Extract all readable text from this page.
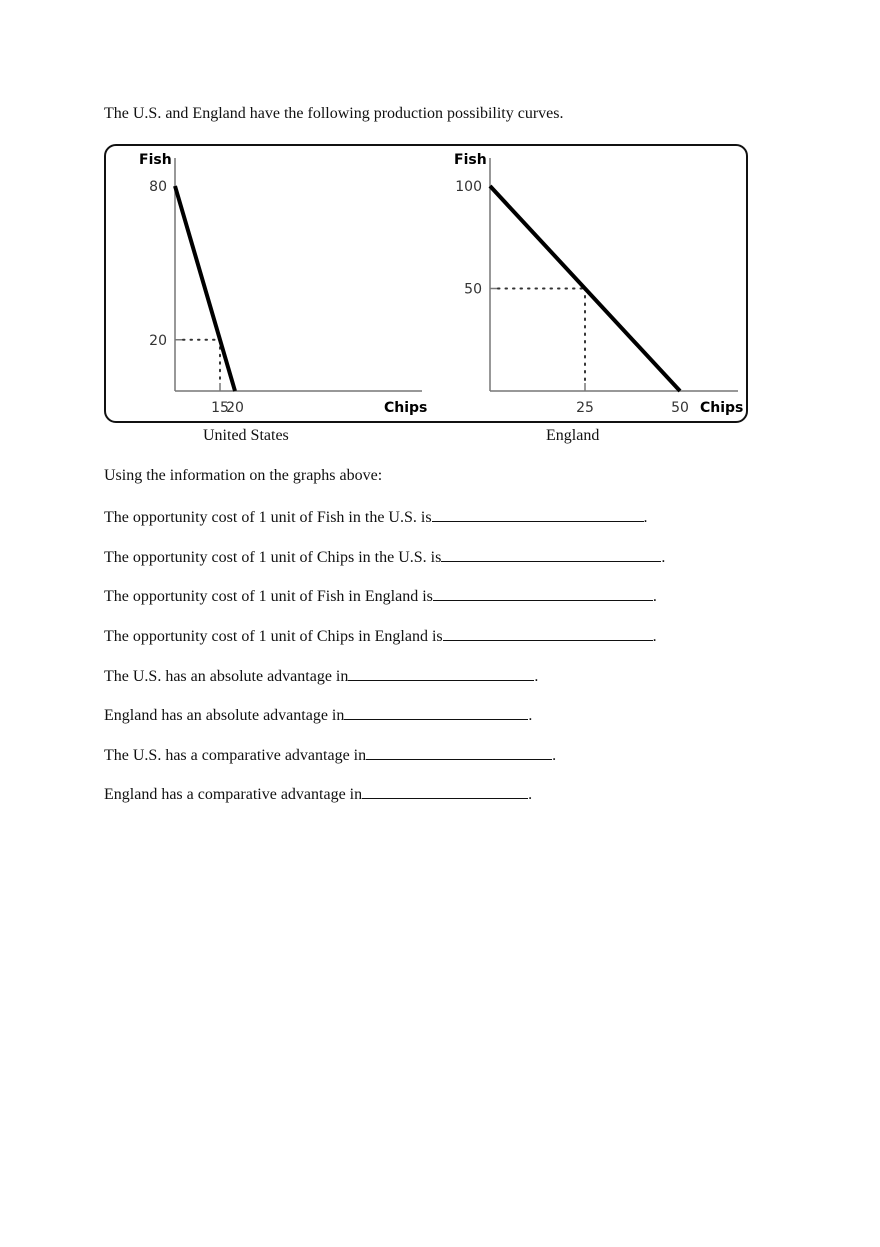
The U.S. and England have the following production possibility curves.
Fish
Chips
80
20
15
20
Fish
Chips
100
50
25	50
United States	England
Using the information on the graphs above:
The opportunity cost of 1 unit of Fish in the U.S. is	.
The opportunity cost of 1 unit of Chips in the U.S. is	.
The opportunity cost of 1 unit of Fish in England is	.
The opportunity cost of 1 unit of Chips in England is	.
The U.S. has an absolute advantage in	.
England has an absolute advantage in	.
The U.S. has a comparative advantage in	.
England has a comparative advantage in	.
